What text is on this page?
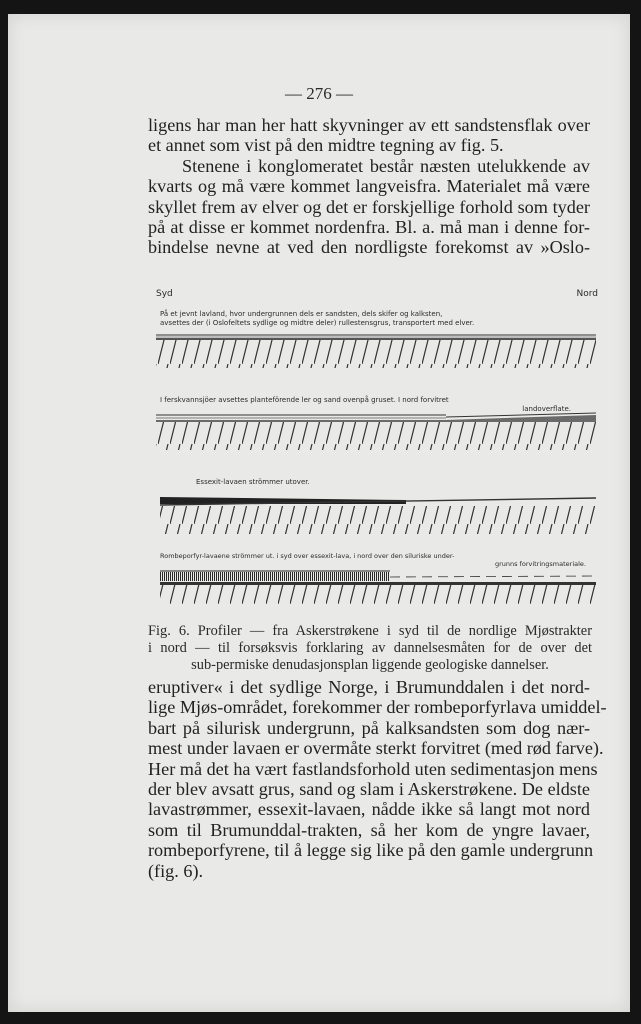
— 276 —
ligens har man her hatt skyvninger av ett sandstensflak over
et annet som vist på den midtre tegning av fig. 5.
Stenene i konglomeratet består næsten utelukkende av
kvarts og må være kommet langveisfra. Materialet må være
skyllet frem av elver og det er forskjellige forhold som tyder
på at disse er kommet nordenfra. Bl. a. må man i denne for-
bindelse nevne at ved den nordligste forekomst av »Oslo-
Syd	Nord
På et jevnt lavland, hvor undergrunnen dels er sandsten, dels skifer og kalksten,
avsettes der (i Oslofeltets sydlige og midtre deler) rullestensgrus, transportert med elver.
I ferskvannsjöer avsettes planteförende ler og sand ovenpå gruset. I nord forvitret
landoverflate.
Essexit-lavaen strömmer utover.
Rombeporfyr-lavaene strömmer ut. i syd over essexit-lava, i nord over den siluriske under-
grunns forvitringsmateriale.
Fig. 6. Profiler — fra Askerstrøkene i syd til de nordlige Mjøstrakter
i nord — til forsøksvis forklaring av dannelsesmåten for de over det
sub-permiske denudasjonsplan liggende geologiske dannelser.
eruptiver« i det sydlige Norge, i Brumunddalen i det nord-
lige Mjøs-området, forekommer der rombeporfyrlava umiddel-
bart på silurisk undergrunn, på kalksandsten som dog nær-
mest under lavaen er overmåte sterkt forvitret (med rød farve).
Her må det ha vært fastlandsforhold uten sedimentasjon mens
der blev avsatt grus, sand og slam i Askerstrøkene. De eldste
lavastrømmer, essexit-lavaen, nådde ikke så langt mot nord
som til Brumunddal-trakten, så her kom de yngre lavaer,
rombeporfyrene, til å legge sig like på den gamle undergrunn
(fig. 6).
